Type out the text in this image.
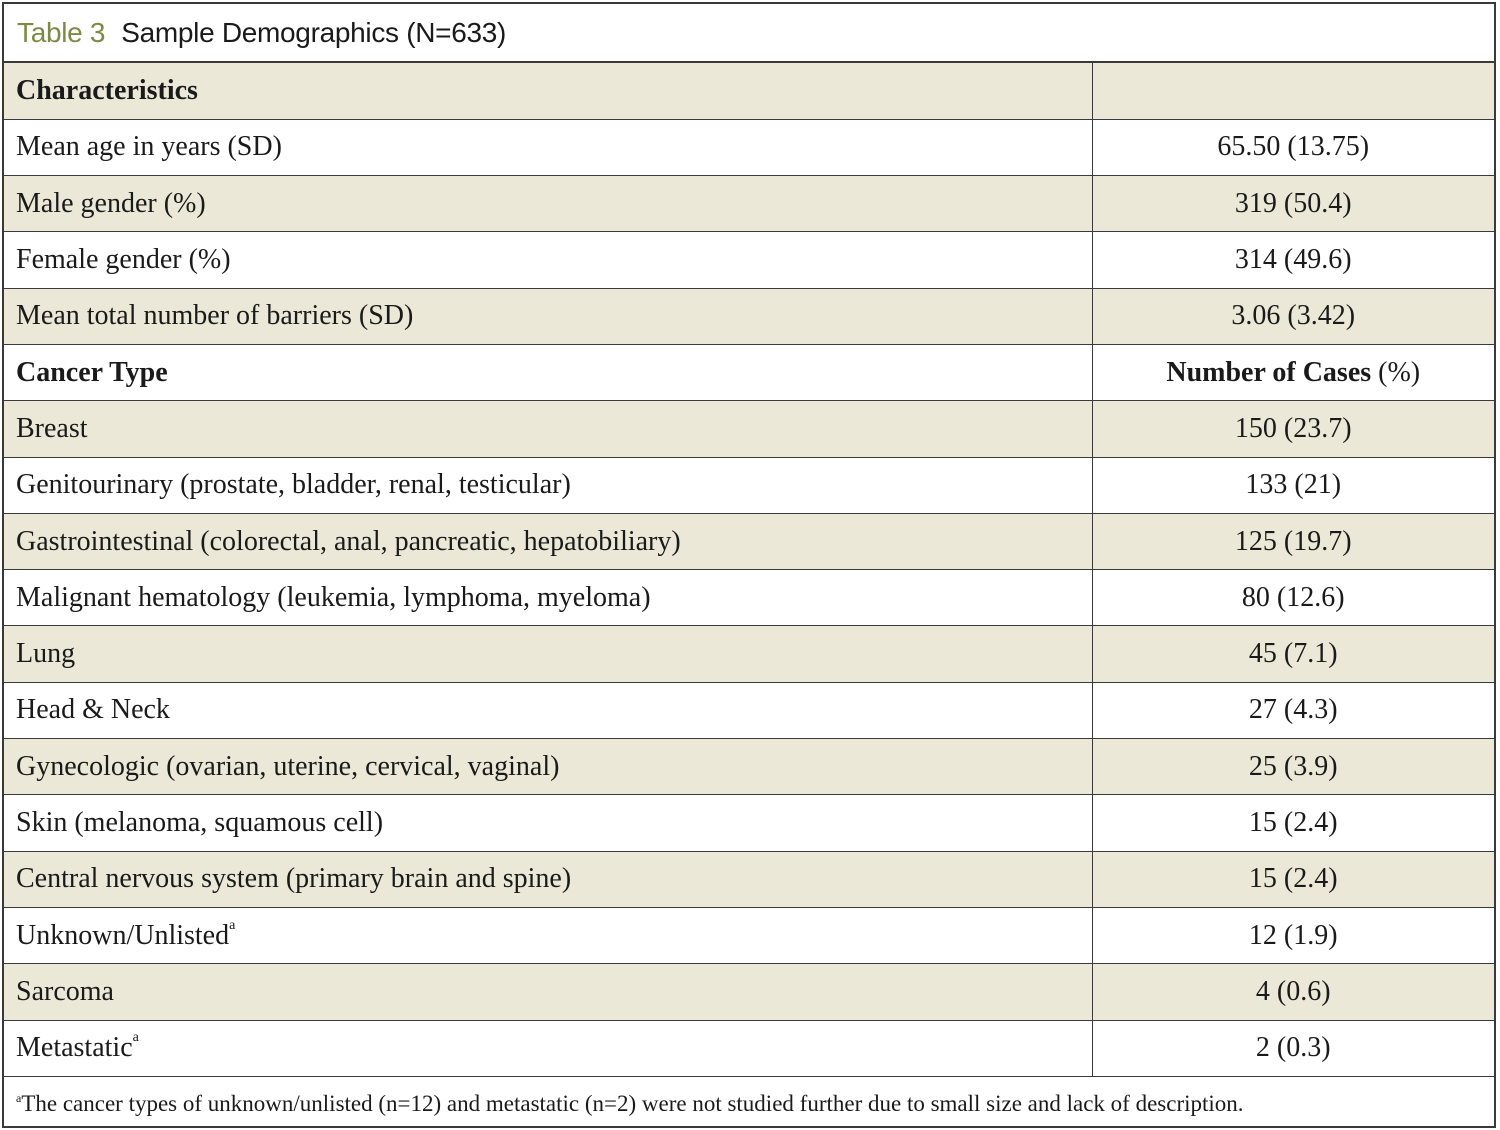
Table 3 Sample Demographics (N=633)
Characteristics	
Mean age in years (SD)	65.50 (13.75)
Male gender (%)	319 (50.4)
Female gender (%)	314 (49.6)
Mean total number of barriers (SD)	3.06 (3.42)
Cancer Type	Number of Cases (%)
Breast	150 (23.7)
Genitourinary (prostate, bladder, renal, testicular)	133 (21)
Gastrointestinal (colorectal, anal, pancreatic, hepatobiliary)	125 (19.7)
Malignant hematology (leukemia, lymphoma, myeloma)	80 (12.6)
Lung	45 (7.1)
Head & Neck	27 (4.3)
Gynecologic (ovarian, uterine, cervical, vaginal)	25 (3.9)
Skin (melanoma, squamous cell)	15 (2.4)
Central nervous system (primary brain and spine)	15 (2.4)
Unknown/Unlisted$^a$	12 (1.9)
Sarcoma	4 (0.6)
Metastatic$^a$	2 (0.3)
$^a$The cancer types of unknown/unlisted (n=12) and metastatic (n=2) were not studied further due to small size and lack of description.
